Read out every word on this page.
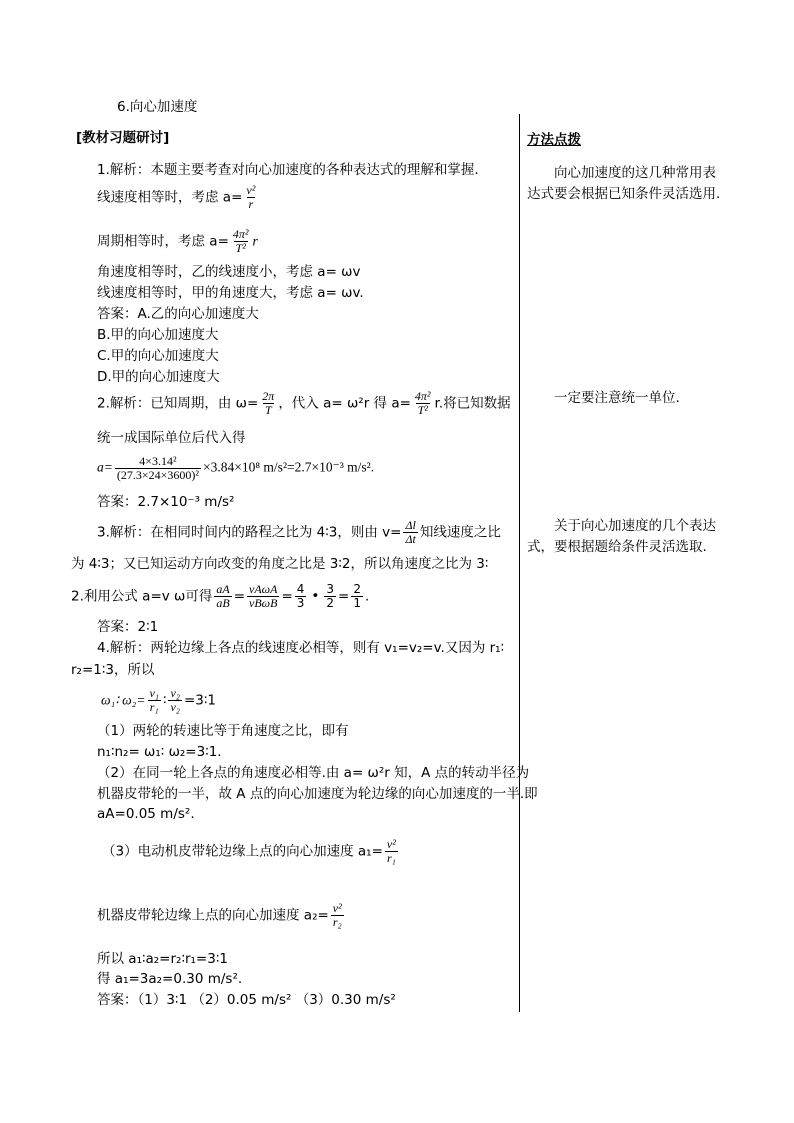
6.向心加速度
[教材习题研讨]	方法点拨
向心加速度的这几种常用表达式要会根据已知条件灵活选用.
一定要注意统一单位.
关于向心加速度的几个表达式，要根据题给条件灵活选取.
1.解析：本题主要考查对向心加速度的各种表达式的理解和掌握.
线速度相等时，考虑 $a= \frac{\text{v²}}{r}$
周期相等时，考虑 $a= \frac{\text{4π²}}{\text{T²}}$ r
角速度相等时，乙的线速度小，考虑 a= ωv
线速度相等时，甲的角速度大，考虑 a= ωv.
答案：A.乙的向心加速度大
B.甲的向心加速度大
C.甲的向心加速度大
D.甲的向心加速度大
2.解析：已知周期，由 $\omega= \frac{2\pi}{T}$ ，代入 a= ω²r 得 $a= \frac{\text{4π²}}{\text{T²}} r$.将已知数据
统一成国际单位后代入得
$a= \frac{\text{4×3.14²}}{\text{(27.3×24×3600)²}} \times 3.84\times 10^8$ m/s²=2.7×10⁻³ m/s².
答案：2.7×10⁻³ m/s²
3.解析：在相同时间内的路程之比为 4∶3，则由 $v= \frac{\Delta l}{\Delta t}$ 知线速度之比
为 4∶3；又已知运动方向改变的角度之比是 3∶2，所以角速度之比为 3∶
2.利用公式 a=v ω可得 $\frac{aA}{aB} = \frac{\text{vAωA}}{\text{vBωB}} = \frac{4}{3}$ • $\frac{3}{2} = \frac{2}{1}$ .
答案：2∶1
4.解析：两轮边缘上各点的线速度必相等，则有 v₁=v₂=v.又因为 r₁∶
r₂=1∶3，所以
ω₁∶ $\omega_2= \frac{\text{v₁}}{\text{r₁}}$ ∶ $\frac{\text{v₂}}{\text{v₂}}$ =3∶1
（1）两轮的转速比等于角速度之比，即有
n₁∶n₂= ω₁∶ ω₂=3∶1.
（2）在同一轮上各点的角速度必相等.由 a= ω²r 知，A 点的转动半径为
机器皮带轮的一半，故 A 点的向心加速度为轮边缘的向心加速度的一半.即
aA=0.05 m/s².
（3）电动机皮带轮边缘上点的向心加速度 $a_1= \frac{\text{v²}}{\text{r₁}}$
机器皮带轮边缘上点的向心加速度 $a_2= \frac{\text{v²}}{\text{r₂}}$
所以 a₁∶a₂=r₂∶r₁=3∶1
得 a₁=3a₂=0.30 m/s².
答案：（1）3∶1 （2）0.05 m/s² （3）0.30 m/s²
